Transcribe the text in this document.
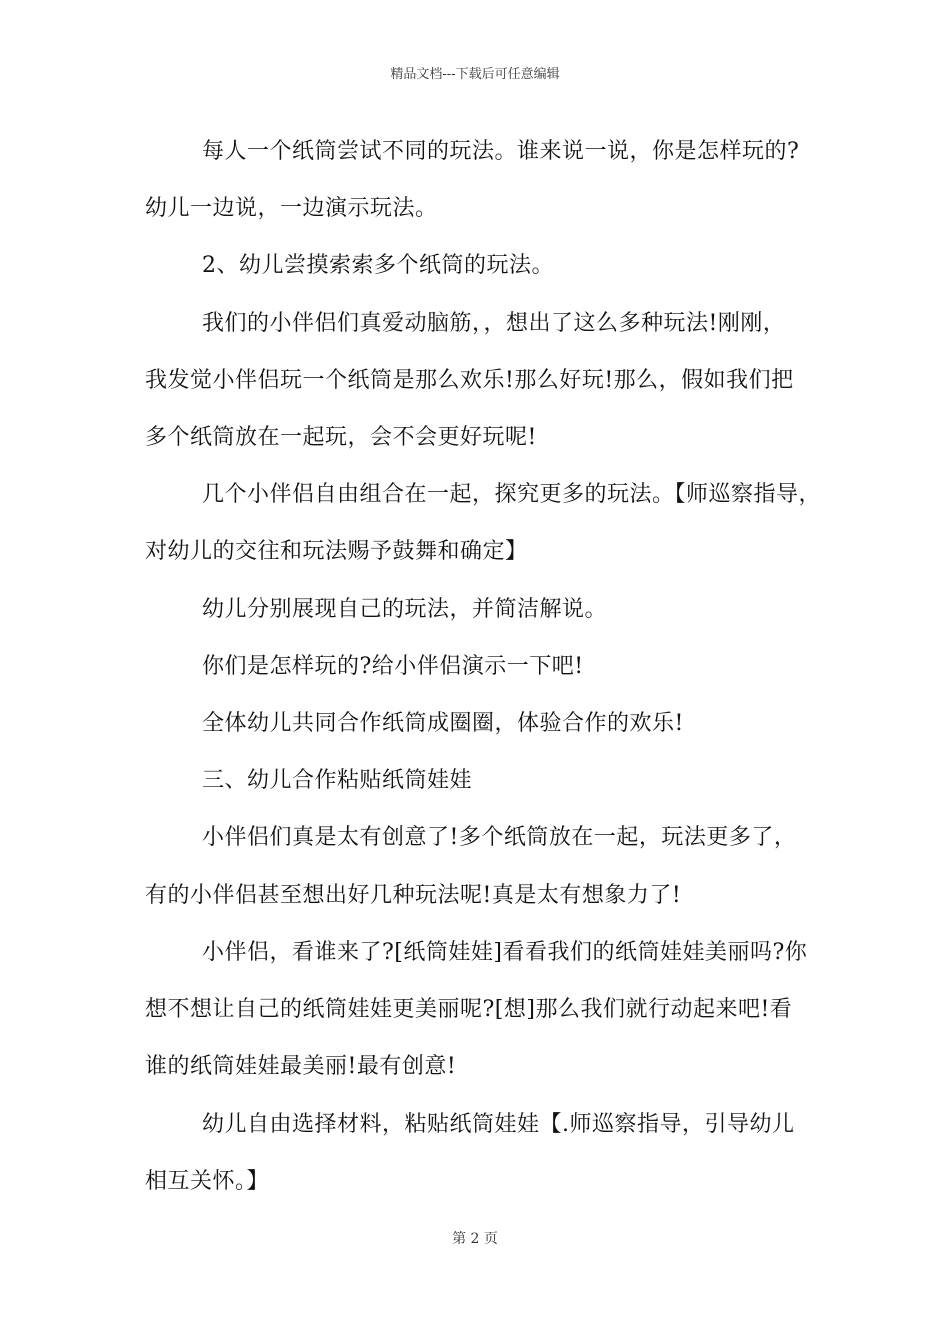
精品文档---下载后可任意编辑
每人一个纸筒尝试不同的玩法。谁来说一说，你是怎样玩的?
幼儿一边说，一边演示玩法。
2、幼儿尝摸索索多个纸筒的玩法。
我们的小伴侣们真爱动脑筋，，想出了这么多种玩法!刚刚，
我发觉小伴侣玩一个纸筒是那么欢乐!那么好玩!那么，假如我们把
多个纸筒放在一起玩，会不会更好玩呢!
几个小伴侣自由组合在一起，探究更多的玩法。【师巡察指导，
对幼儿的交往和玩法赐予鼓舞和确定】
幼儿分别展现自己的玩法，并简洁解说。
你们是怎样玩的?给小伴侣演示一下吧!
全体幼儿共同合作纸筒成圈圈，体验合作的欢乐!
三、幼儿合作粘贴纸筒娃娃
小伴侣们真是太有创意了!多个纸筒放在一起，玩法更多了，
有的小伴侣甚至想出好几种玩法呢!真是太有想象力了!
小伴侣，看谁来了?[纸筒娃娃]看看我们的纸筒娃娃美丽吗?你
想不想让自己的纸筒娃娃更美丽呢?[想]那么我们就行动起来吧!看
谁的纸筒娃娃最美丽!最有创意!
幼儿自由选择材料，粘贴纸筒娃娃【.师巡察指导，引导幼儿
相互关怀。】
第 2 页
